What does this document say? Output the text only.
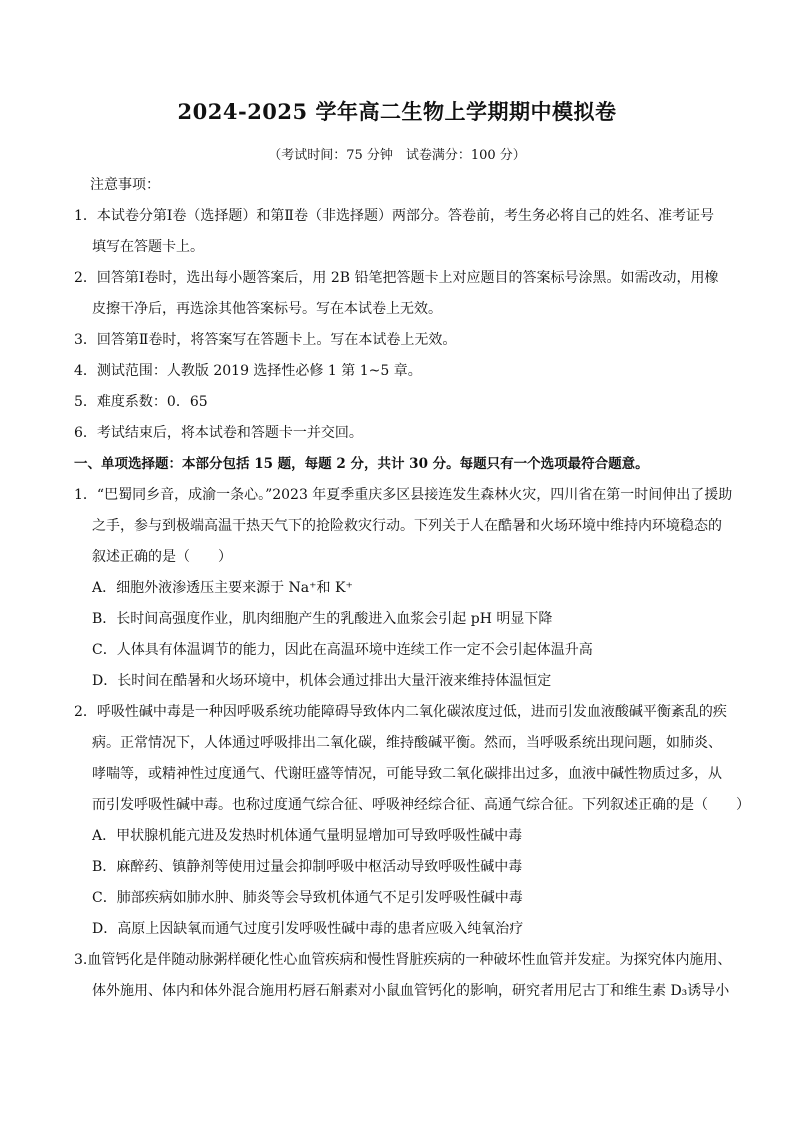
2024-2025 学年高二生物上学期期中模拟卷
（考试时间：75 分钟　试卷满分：100 分）
注意事项：
1．本试卷分第Ⅰ卷（选择题）和第Ⅱ卷（非选择题）两部分。答卷前，考生务必将自己的姓名、准考证号
填写在答题卡上。
2．回答第Ⅰ卷时，选出每小题答案后，用 2B 铅笔把答题卡上对应题目的答案标号涂黑。如需改动，用橡
皮擦干净后，再选涂其他答案标号。写在本试卷上无效。
3．回答第Ⅱ卷时，将答案写在答题卡上。写在本试卷上无效。
4．测试范围：人教版 2019 选择性必修 1 第 1~5 章。
5．难度系数：0．65
6．考试结束后，将本试卷和答题卡一并交回。
一、单项选择题：本部分包括 15 题，每题 2 分，共计 30 分。每题只有一个选项最符合题意。
1．“巴蜀同乡音，成渝一条心。”2023 年夏季重庆多区县接连发生森林火灾，四川省在第一时间伸出了援助
之手，参与到极端高温干热天气下的抢险救灾行动。下列关于人在酷暑和火场环境中维持内环境稳态的
叙述正确的是（　　）
A．细胞外液渗透压主要来源于 Na⁺和 K⁺
B．长时间高强度作业，肌肉细胞产生的乳酸进入血浆会引起 pH 明显下降
C．人体具有体温调节的能力，因此在高温环境中连续工作一定不会引起体温升高
D．长时间在酷暑和火场环境中，机体会通过排出大量汗液来维持体温恒定
2．呼吸性碱中毒是一种因呼吸系统功能障碍导致体内二氧化碳浓度过低，进而引发血液酸碱平衡紊乱的疾
病。正常情况下，人体通过呼吸排出二氧化碳，维持酸碱平衡。然而，当呼吸系统出现问题，如肺炎、
哮喘等，或精神性过度通气、代谢旺盛等情况，可能导致二氧化碳排出过多，血液中碱性物质过多，从
而引发呼吸性碱中毒。也称过度通气综合征、呼吸神经综合征、高通气综合征。下列叙述正确的是（　　）
A．甲状腺机能亢进及发热时机体通气量明显增加可导致呼吸性碱中毒
B．麻醉药、镇静剂等使用过量会抑制呼吸中枢活动导致呼吸性碱中毒
C．肺部疾病如肺水肿、肺炎等会导致机体通气不足引发呼吸性碱中毒
D．高原上因缺氧而通气过度引发呼吸性碱中毒的患者应吸入纯氧治疗
3.血管钙化是伴随动脉粥样硬化性心血管疾病和慢性肾脏疾病的一种破坏性血管并发症。为探究体内施用、
体外施用、体内和体外混合施用朽唇石斛素对小鼠血管钙化的影响，研究者用尼古丁和维生素 D₃诱导小
